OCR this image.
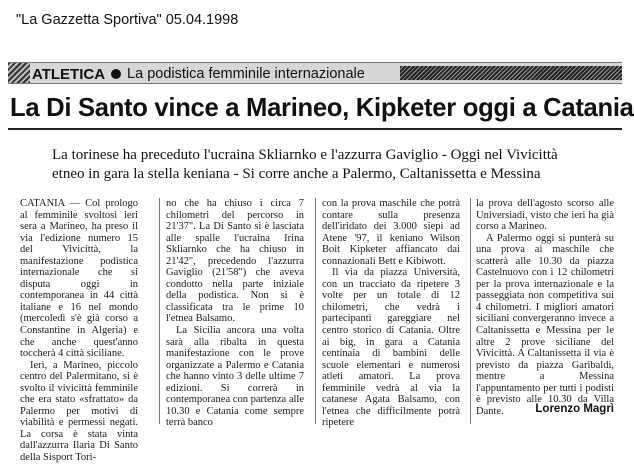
"La Gazzetta Sportiva" 05.04.1998
ATLETICA La podistica femminile internazionale
La Di Santo vince a Marineo, Kipketer oggi a Catania
La torinese ha preceduto l'ucraina Skliarnko e l'azzurra Gaviglio - Oggi nel Vivicittà
etneo in gara la stella keniana - Si corre anche a Palermo, Caltanissetta e Messina

CATANIA — Col prologo al femminile svoltosi ieri sera a Marineo, ha preso il via l'edizione numero 15 del Vivicittà, la manifestazione podistica internazionale che si disputa oggi in contemporanea in 44 città italiane e 16 nel mondo (mercoledì s'è già corso a Constantine in Algeria) e che anche quest'anno toccherà 4 città siciliane.

Ieri, a Marineo, piccolo centro del Palermitano, si è svolto il vivicittà femminile che era stato «sfrattato» da Palermo per motivi di viabilità e permessi negati. La corsa è stata vinta dall'azzurra Ilaria Di Santo della Sisport Tori-

no che ha chiuso i circa 7 chilometri del percorso in 21'37". La Di Santo si è lasciata alle spalle l'ucraina Irina Skliarnko che ha chiuso in 21'42", precedendo l'azzurra Gaviglio (21'58") che aveva condotto nella parte iniziale della podistica. Non si è classificata tra le prime 10 l'etnea Balsamo.

La Sicilia ancora una volta sarà alla ribalta in questa manifestazione con le prove organizzate a Palermo e Catania che hanno vinto 3 delle ultime 7 edizioni. Si correrà in contemporanea con partenza alle 10.30 e Catania come sempre terrà banco

con la prova maschile che potrà contare sulla presenza dell'iridato dei 3.000 siepi ad Atene '97, il keniano Wilson Boit Kipketer affiancato dai connazionali Bett e Kibiwott.

Il via da piazza Università, con un tracciato da ripetere 3 volte per un totale di 12 chilometri, che vedrà i partecipanti gareggiare nel centro storico di Catania. Oltre ai big, in gara a Catania centinaia di bambini delle scuole elementari e numerosi atleti amatori. La prova femminile vedrà al via la catanese Agata Balsamo, con l'etnea che difficilmente potrà ripetere

la prova dell'agosto scorso alle Universiadi, visto che ieri ha già corso a Marineo.

A Palermo oggi si punterà su una prova ai maschile che scatterà alle 10.30 da piazza Castelnuovo con i 12 chilometri per la prova internazionale e la passeggiata non competitiva sui 4 chilometri. I migliori amatori siciliani convergeranno invece a Caltanissetta e Messina per le altre 2 prove siciliane del Vivicittà. A Caltanissetta il via è previsto da piazza Garibaldi, mentre a Messina l'appuntamento per tutti i podisti è previsto alle 10.30 da Villa Dante.	Lorenzo Magrì
